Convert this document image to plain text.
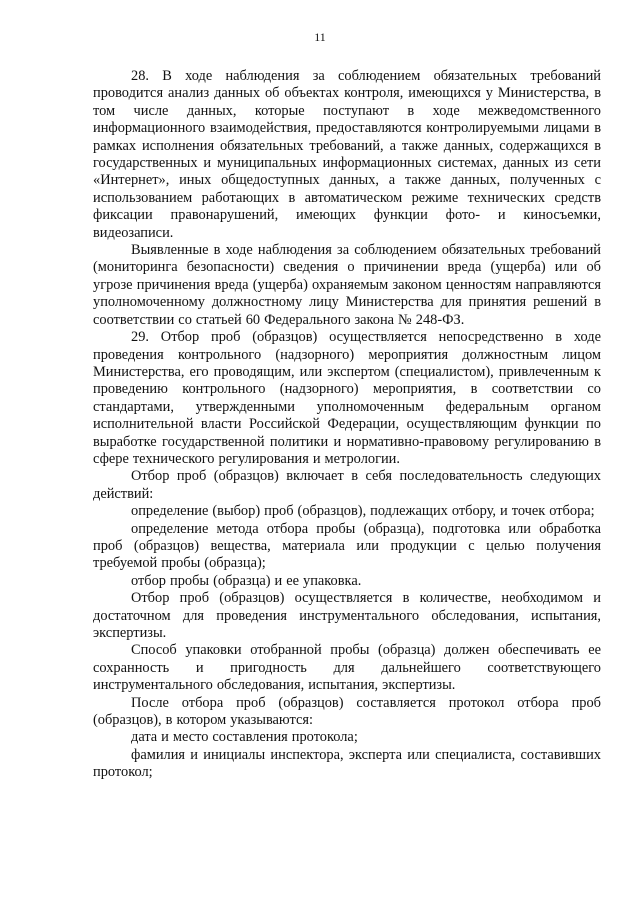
11

28. В ходе наблюдения за соблюдением обязательных требований проводится анализ данных об объектах контроля, имеющихся у Министерства, в том числе данных, которые поступают в ходе межведомственного информационного взаимодействия, предоставляются контролируемыми лицами в рамках исполнения обязательных требований, а также данных, содержащихся в государственных и муниципальных информационных системах, данных из сети «Интернет», иных общедоступных данных, а также данных, полученных с использованием работающих в автоматическом режиме технических средств фиксации правонарушений, имеющих функции фото- и киносъемки, видеозаписи.

Выявленные в ходе наблюдения за соблюдением обязательных требований (мониторинга безопасности) сведения о причинении вреда (ущерба) или об угрозе причинения вреда (ущерба) охраняемым законом ценностям направляются уполномоченному должностному лицу Министерства для принятия решений в соответствии со статьей 60 Федерального закона № 248-ФЗ.

29. Отбор проб (образцов) осуществляется непосредственно в ходе проведения контрольного (надзорного) мероприятия должностным лицом Министерства, его проводящим, или экспертом (специалистом), привлеченным к проведению контрольного (надзорного) мероприятия, в соответствии со стандартами, утвержденными уполномоченным федеральным органом исполнительной власти Российской Федерации, осуществляющим функции по выработке государственной политики и нормативно-правовому регулированию в сфере технического регулирования и метрологии.

Отбор проб (образцов) включает в себя последовательность следующих действий:

определение (выбор) проб (образцов), подлежащих отбору, и точек отбора;

определение метода отбора пробы (образца), подготовка или обработка проб (образцов) вещества, материала или продукции с целью получения требуемой пробы (образца);

отбор пробы (образца) и ее упаковка.

Отбор проб (образцов) осуществляется в количестве, необходимом и достаточном для проведения инструментального обследования, испытания, экспертизы.

Способ упаковки отобранной пробы (образца) должен обеспечивать ее сохранность и пригодность для дальнейшего соответствующего инструментального обследования, испытания, экспертизы.

После отбора проб (образцов) составляется протокол отбора проб (образцов), в котором указываются:

дата и место составления протокола;

фамилия и инициалы инспектора, эксперта или специалиста, составивших протокол;
